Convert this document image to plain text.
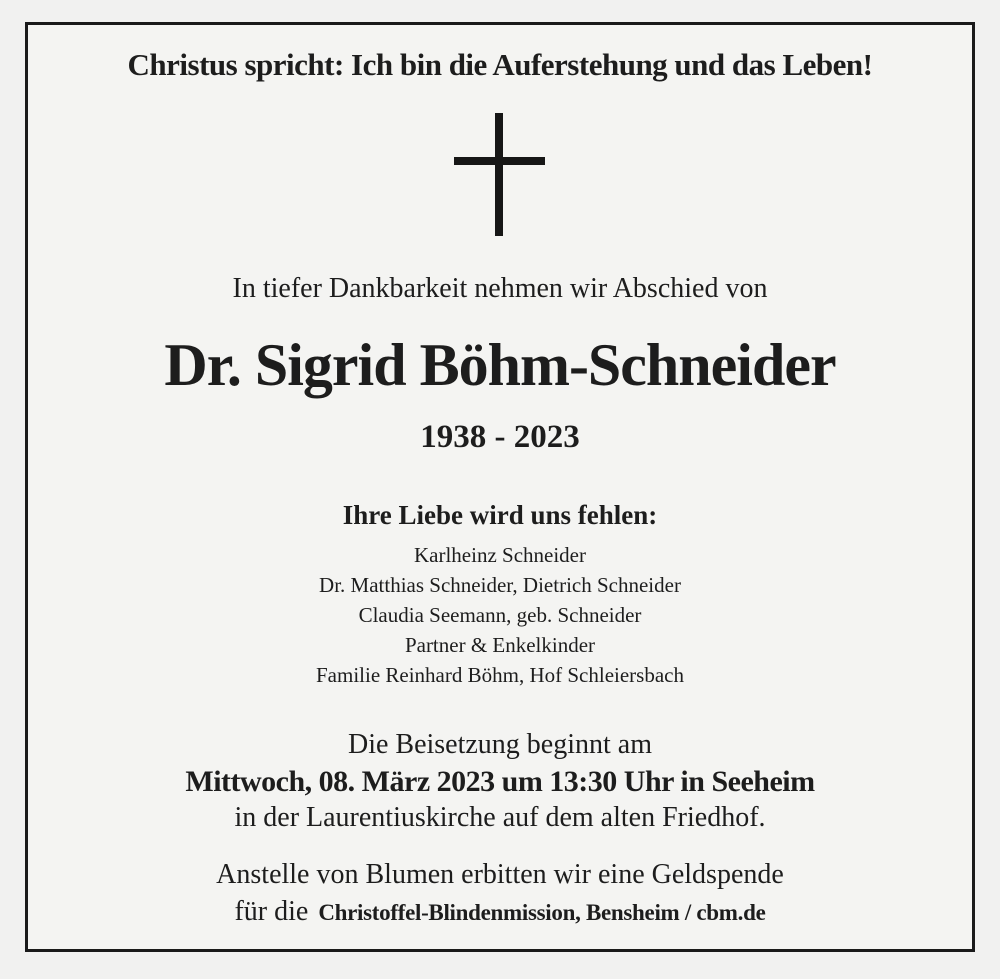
Christus spricht: Ich bin die Auferstehung und das Leben!
In tiefer Dankbarkeit nehmen wir Abschied von
Dr. Sigrid Böhm-Schneider
1938 - 2023
Ihre Liebe wird uns fehlen:
Karlheinz Schneider
Dr. Matthias Schneider, Dietrich Schneider
Claudia Seemann, geb. Schneider
Partner & Enkelkinder
Familie Reinhard Böhm, Hof Schleiersbach
Die Beisetzung beginnt am
Mittwoch, 08. März 2023 um 13:30 Uhr in Seeheim
in der Laurentiuskirche auf dem alten Friedhof.
Anstelle von Blumen erbitten wir eine Geldspende
für die Christoffel-Blindenmission, Bensheim / cbm.de
